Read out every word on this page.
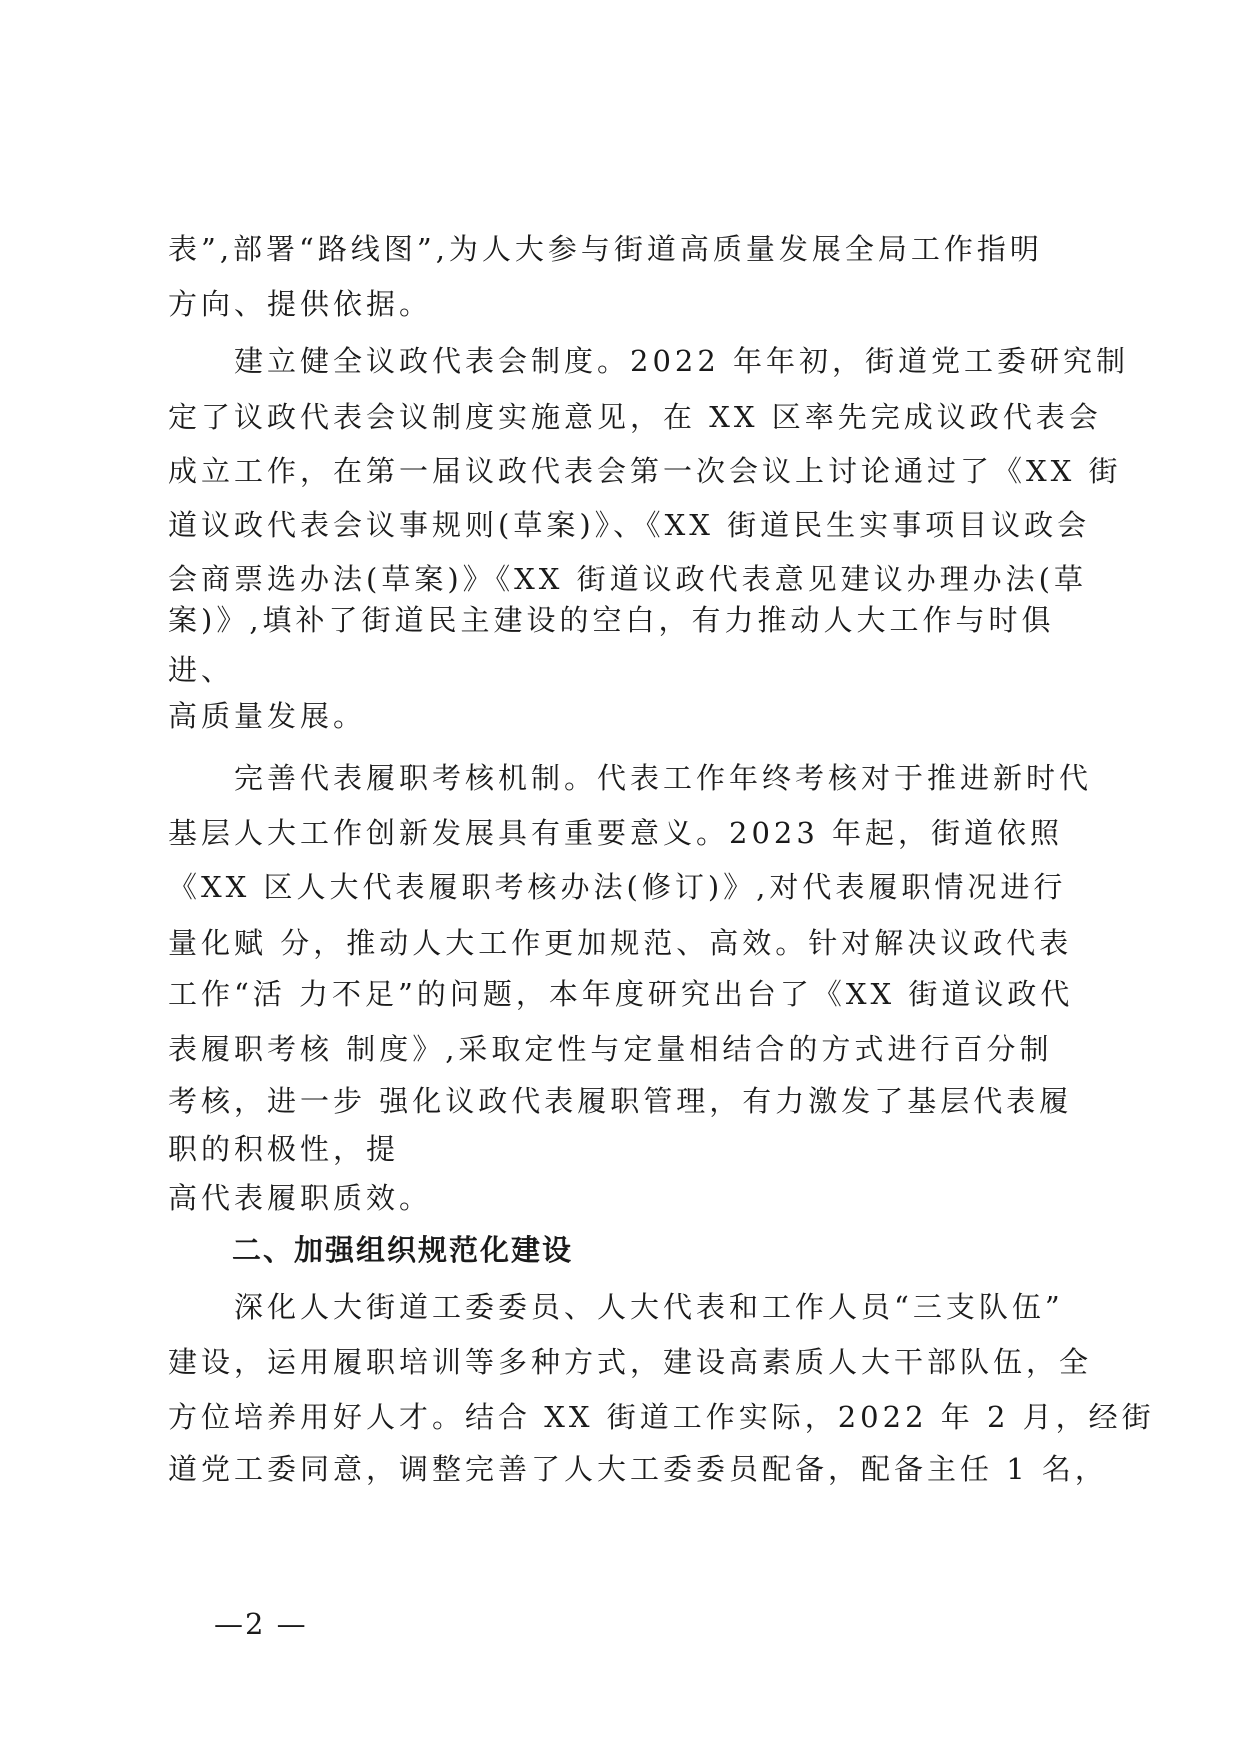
表”,部署“路线图”,为人大参与街道高质量发展全局工作指明
方向、提供依据。
建立健全议政代表会制度。2022 年年初，街道党工委研究制
定了议政代表会议制度实施意见，在 XX 区率先完成议政代表会
成立工作，在第一届议政代表会第一次会议上讨论通过了《XX 街
道议政代表会议事规则(草案)》、《XX 街道民生实事项目议政会
会商票选办法(草案)》《XX 街道议政代表意见建议办理办法(草
案)》,填补了街道民主建设的空白，有力推动人大工作与时俱
进、
高质量发展。
完善代表履职考核机制。代表工作年终考核对于推进新时代
基层人大工作创新发展具有重要意义。2023 年起，街道依照
《XX 区人大代表履职考核办法(修订)》,对代表履职情况进行
量化赋 分，推动人大工作更加规范、高效。针对解决议政代表
工作“活 力不足”的问题，本年度研究出台了《XX 街道议政代
表履职考核 制度》,采取定性与定量相结合的方式进行百分制
考核，进一步 强化议政代表履职管理，有力激发了基层代表履
职的积极性，提
高代表履职质效。
二、加强组织规范化建设
深化人大街道工委委员、人大代表和工作人员“三支队伍”
建设，运用履职培训等多种方式，建设高素质人大干部队伍，全
方位培养用好人才。结合 XX 街道工作实际，2022 年 2 月，经街
道党工委同意，调整完善了人大工委委员配备，配备主任 1 名，
—2 —
